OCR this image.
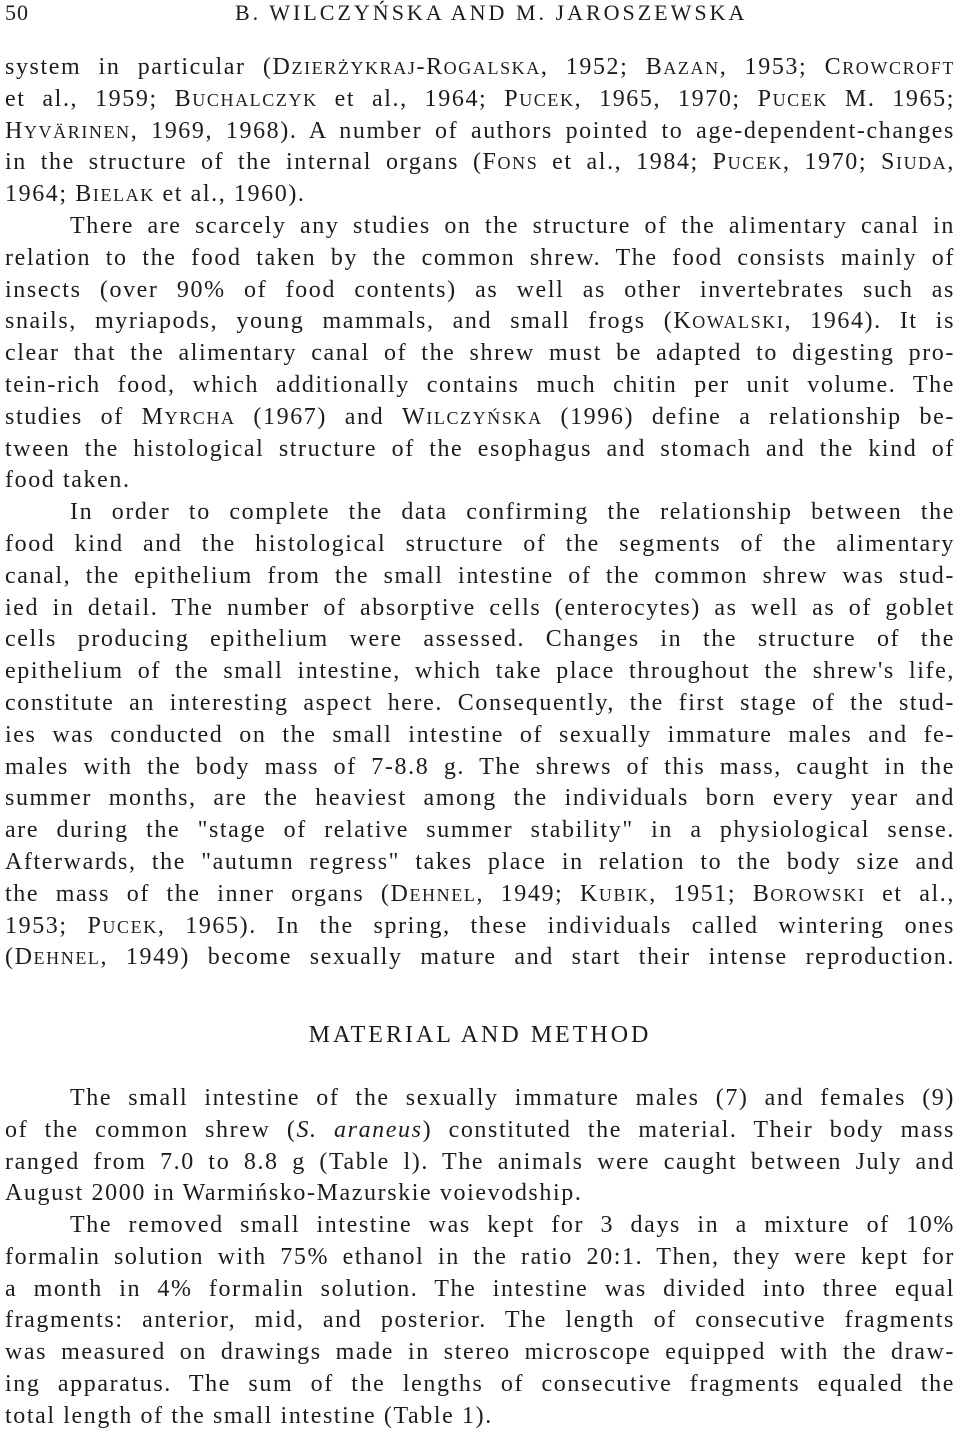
50	B. WILCZYŃSKA AND M. JAROSZEWSKA
system in particular (DZIERŻYKRAJ-ROGALSKA, 1952; BAZAN, 1953; CROWCROFT
et al., 1959; BUCHALCZYK et al., 1964; PUCEK, 1965, 1970; PUCEK M. 1965;
HYVÄRINEN, 1969, 1968). A number of authors pointed to age-dependent-changes
in the structure of the internal organs (FONS et al., 1984; PUCEK, 1970; SIUDA,
1964; BIELAK et al., 1960).
There are scarcely any studies on the structure of the alimentary canal in
relation to the food taken by the common shrew. The food consists mainly of
insects (over 90% of food contents) as well as other invertebrates such as
snails, myriapods, young mammals, and small frogs (KOWALSKI, 1964). It is
clear that the alimentary canal of the shrew must be adapted to digesting pro-
tein-rich food, which additionally contains much chitin per unit volume. The
studies of MYRCHA (1967) and WILCZYŃSKA (1996) define a relationship be-
tween the histological structure of the esophagus and stomach and the kind of
food taken.
In order to complete the data confirming the relationship between the
food kind and the histological structure of the segments of the alimentary
canal, the epithelium from the small intestine of the common shrew was stud-
ied in detail. The number of absorptive cells (enterocytes) as well as of goblet
cells producing epithelium were assessed. Changes in the structure of the
epithelium of the small intestine, which take place throughout the shrew's life,
constitute an interesting aspect here. Consequently, the first stage of the stud-
ies was conducted on the small intestine of sexually immature males and fe-
males with the body mass of 7-8.8 g. The shrews of this mass, caught in the
summer months, are the heaviest among the individuals born every year and
are during the "stage of relative summer stability" in a physiological sense.
Afterwards, the "autumn regress" takes place in relation to the body size and
the mass of the inner organs (DEHNEL, 1949; KUBIK, 1951; BOROWSKI et al.,
1953; PUCEK, 1965). In the spring, these individuals called wintering ones
(DEHNEL, 1949) become sexually mature and start their intense reproduction.
MATERIAL AND METHOD
The small intestine of the sexually immature males (7) and females (9)
of the common shrew (S. araneus) constituted the material. Their body mass
ranged from 7.0 to 8.8 g (Table l). The animals were caught between July and
August 2000 in Warmińsko-Mazurskie voievodship.
The removed small intestine was kept for 3 days in a mixture of 10%
formalin solution with 75% ethanol in the ratio 20:1. Then, they were kept for
a month in 4% formalin solution. The intestine was divided into three equal
fragments: anterior, mid, and posterior. The length of consecutive fragments
was measured on drawings made in stereo microscope equipped with the draw-
ing apparatus. The sum of the lengths of consecutive fragments equaled the
total length of the small intestine (Table 1).
